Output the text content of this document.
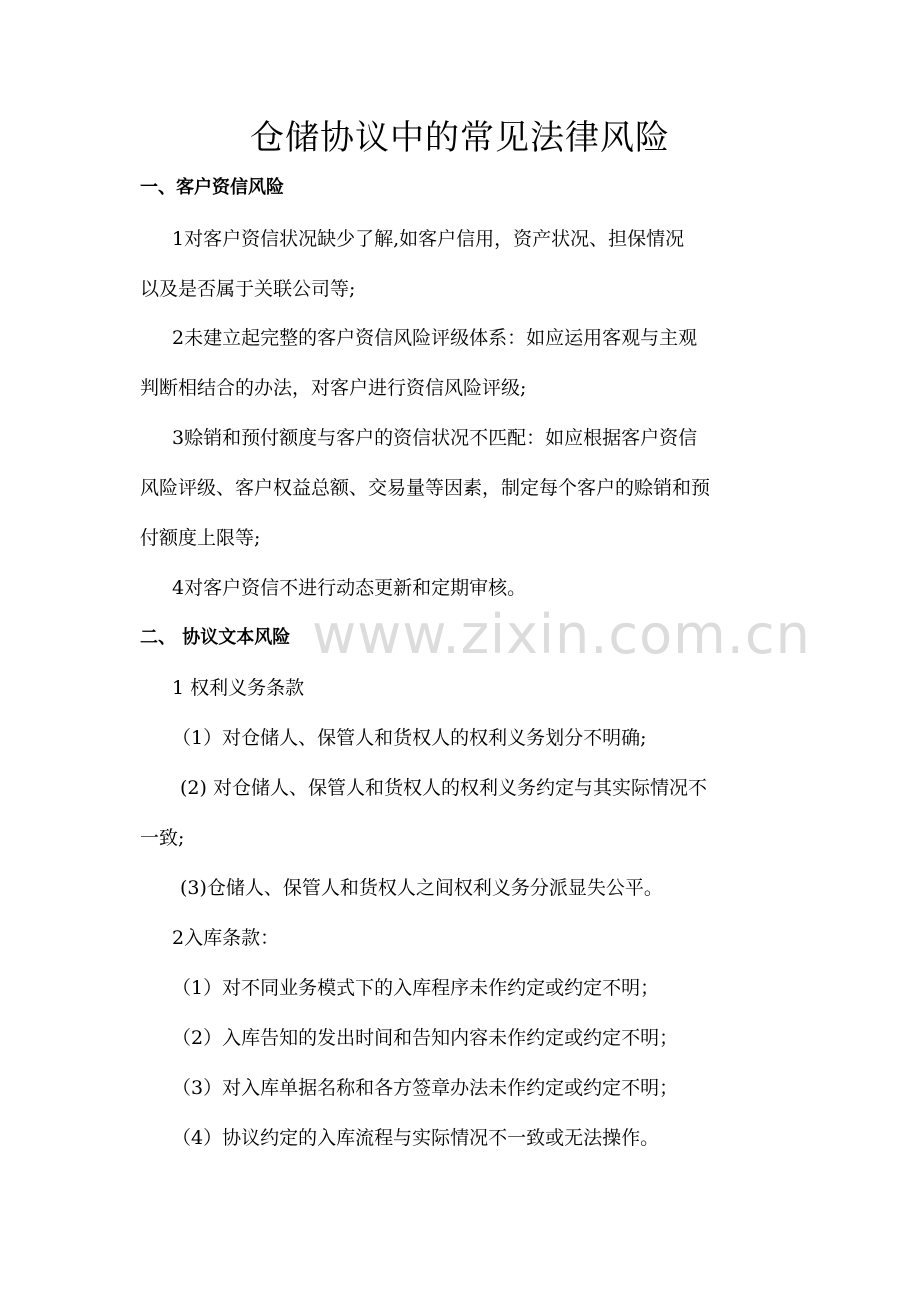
www.zixin.com.cn
仓储协议中的常见法律风险
一、客户资信风险
1对客户资信状况缺少了解,如客户信用，资产状况、担保情况
以及是否属于关联公司等;
2未建立起完整的客户资信风险评级体系：如应运用客观与主观
判断相结合的办法，对客户进行资信风险评级;
3赊销和预付额度与客户的资信状况不匹配：如应根据客户资信
风险评级、客户权益总额、交易量等因素，制定每个客户的赊销和预
付额度上限等;
4对客户资信不进行动态更新和定期审核。
二、 协议文本风险
1 权利义务条款
（1）对仓储人、保管人和货权人的权利义务划分不明确;
(2) 对仓储人、保管人和货权人的权利义务约定与其实际情况不
一致;
(3)仓储人、保管人和货权人之间权利义务分派显失公平。
2入库条款：
（1）对不同业务模式下的入库程序未作约定或约定不明；
（2）入库告知的发出时间和告知内容未作约定或约定不明；
（3）对入库单据名称和各方签章办法未作约定或约定不明；
（4）协议约定的入库流程与实际情况不一致或无法操作。
